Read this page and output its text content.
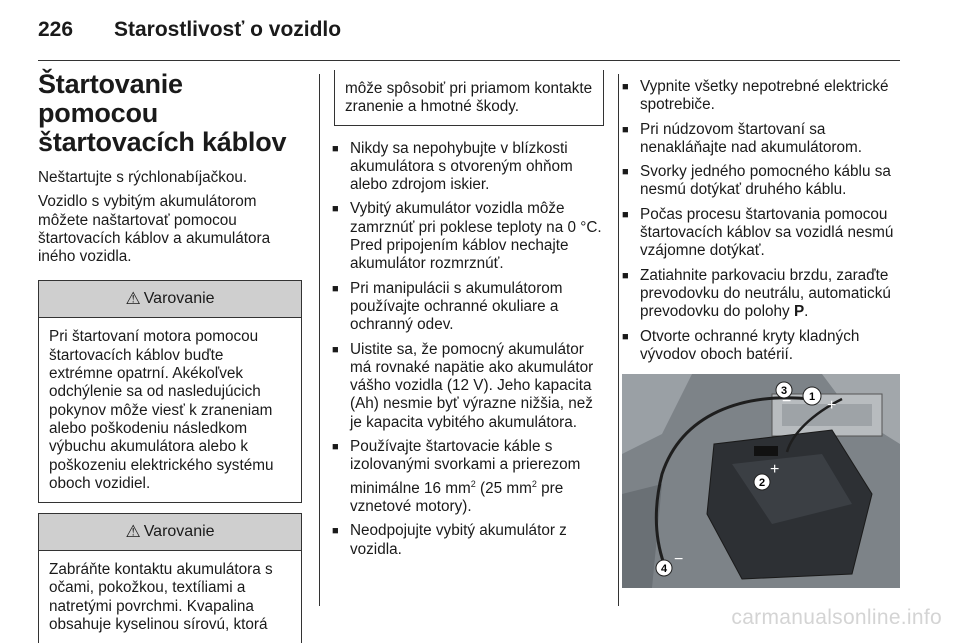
226	Starostlivosť o vozidlo
Štartovanie pomocou štartovacích káblov

Neštartujte s rýchlonabíjačkou.

Vozidlo s vybitým akumulátorom môžete naštartovať pomocou štartovacích káblov a akumulátora iného vozidla.

⚠ Varovanie
Pri štartovaní motora pomocou štartovacích káblov buďte extrémne opatrní. Akékoľvek odchýlenie sa od nasledujúcich pokynov môže viesť k zraneniam alebo poškodeniu následkom výbuchu akumulátora alebo k poškozeniu elektrického systému oboch vozidiel.
⚠ Varovanie
Zabráňte kontaktu akumulátora s očami, pokožkou, textíliami a natretými povrchmi. Kvapalina obsahuje kyselinou sírovú, ktorá
môže spôsobiť pri priamom kontakte zranenie a hmotné škody.
■ Nikdy sa nepohybujte v blízkosti akumulátora s otvoreným ohňom alebo zdrojom iskier.
■ Vybitý akumulátor vozidla môže zamrznúť pri poklese teploty na 0 °C. Pred pripojením káblov nechajte akumulátor rozmrznúť.
■ Pri manipulácii s akumulátorom používajte ochranné okuliare a ochranný odev.
■ Uistite sa, že pomocný akumulátor má rovnaké napätie ako akumulátor vášho vozidla (12 V). Jeho kapacita (Ah) nesmie byť výrazne nižšia, než je kapacita vybitého akumulátora.
■ Používajte štartovacie káble s izolovanými svorkami a prierezom minimálne 16 $mm^2$ (25 $mm^2$ pre vznetové motory).
■ Neodpojujte vybitý akumulátor z vozidla.
■ Vypnite všetky nepotrebné elektrické spotrebiče.
■ Pri núdzovom štartovaní sa nenakláňajte nad akumulátorom.
■ Svorky jedného pomocného káblu sa nesmú dotýkať druhého káblu.
■ Počas procesu štartovania pomocou štartovacích káblov sa vozidlá nesmú vzájomne dotýkať.
■ Zatiahnite parkovaciu brzdu, zaraďte prevodovku do neutrálu, automatickú prevodovku do polohy P.
■ Otvorte ochranné kryty kladných vývodov oboch batérií.
1 +
2
+
3
−
4
−
carmanualsonline.info
